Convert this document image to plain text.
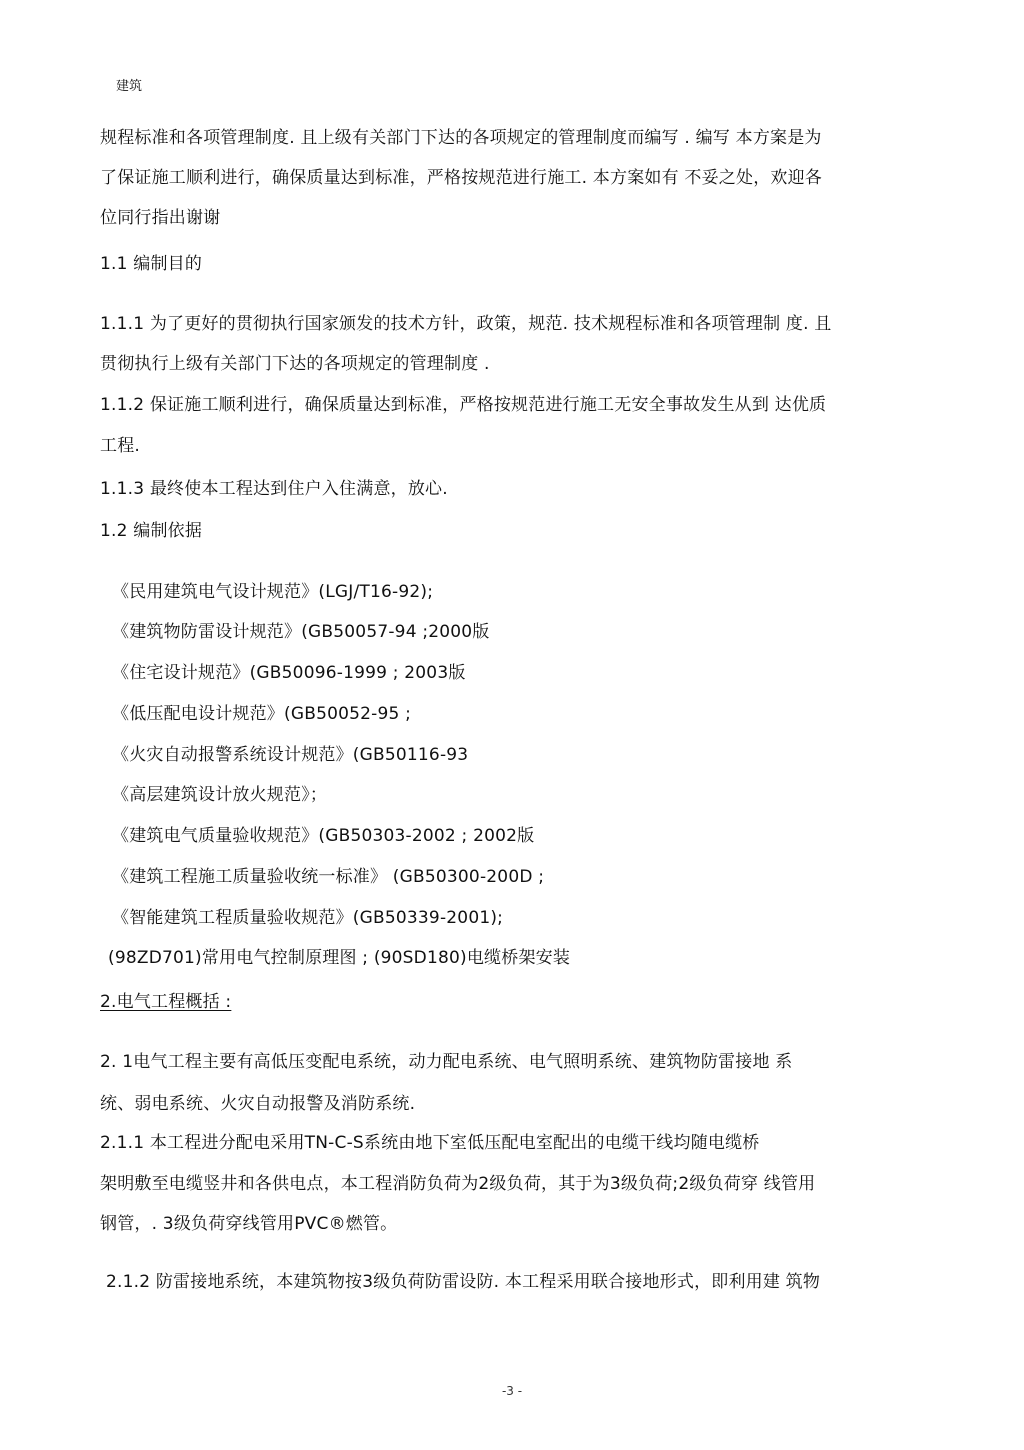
建筑
规程标准和各项管理制度. 且上级有关部门下达的各项规定的管理制度而编写 . 编写 本方案是为
了保证施工顺利进行，确保质量达到标准，严格按规范进行施工. 本方案如有 不妥之处，欢迎各
位同行指出谢谢
1.1 编制目的
1.1.1 为了更好的贯彻执行国家颁发的技术方针，政策，规范. 技术规程标准和各项管理制 度. 且
贯彻执行上级有关部门下达的各项规定的管理制度 .
1.1.2 保证施工顺利进行，确保质量达到标准，严格按规范进行施工无安全事故发生从到 达优质
工程.
1.1.3 最终使本工程达到住户入住满意，放心.
1.2 编制依据
《民用建筑电气设计规范》(LGJ/T16-92);
《建筑物防雷设计规范》(GB50057-94 ;2000版
《住宅设计规范》(GB50096-1999 ; 2003版
《低压配电设计规范》(GB50052-95 ;
《火灾自动报警系统设计规范》(GB50116-93
《高层建筑设计放火规范》；
《建筑电气质量验收规范》(GB50303-2002 ; 2002版
《建筑工程施工质量验收统一标准》 (GB50300-200D ;
《智能建筑工程质量验收规范》(GB50339-2001);
(98ZD701)常用电气控制原理图 ; (90SD180)电缆桥架安装
2.电气工程概括 :
2. 1电气工程主要有高低压变配电系统，动力配电系统、电气照明系统、建筑物防雷接地 系
统、弱电系统、火灾自动报警及消防系统.
2.1.1 本工程进分配电采用TN-C-S系统由地下室低压配电室配出的电缆干线均随电缆桥
架明敷至电缆竖井和各供电点，本工程消防负荷为2级负荷，其于为3级负荷;2级负荷穿 线管用
钢管，. 3级负荷穿线管用PVC®燃管。
2.1.2 防雷接地系统，本建筑物按3级负荷防雷设防. 本工程采用联合接地形式，即利用建 筑物
-3 -
